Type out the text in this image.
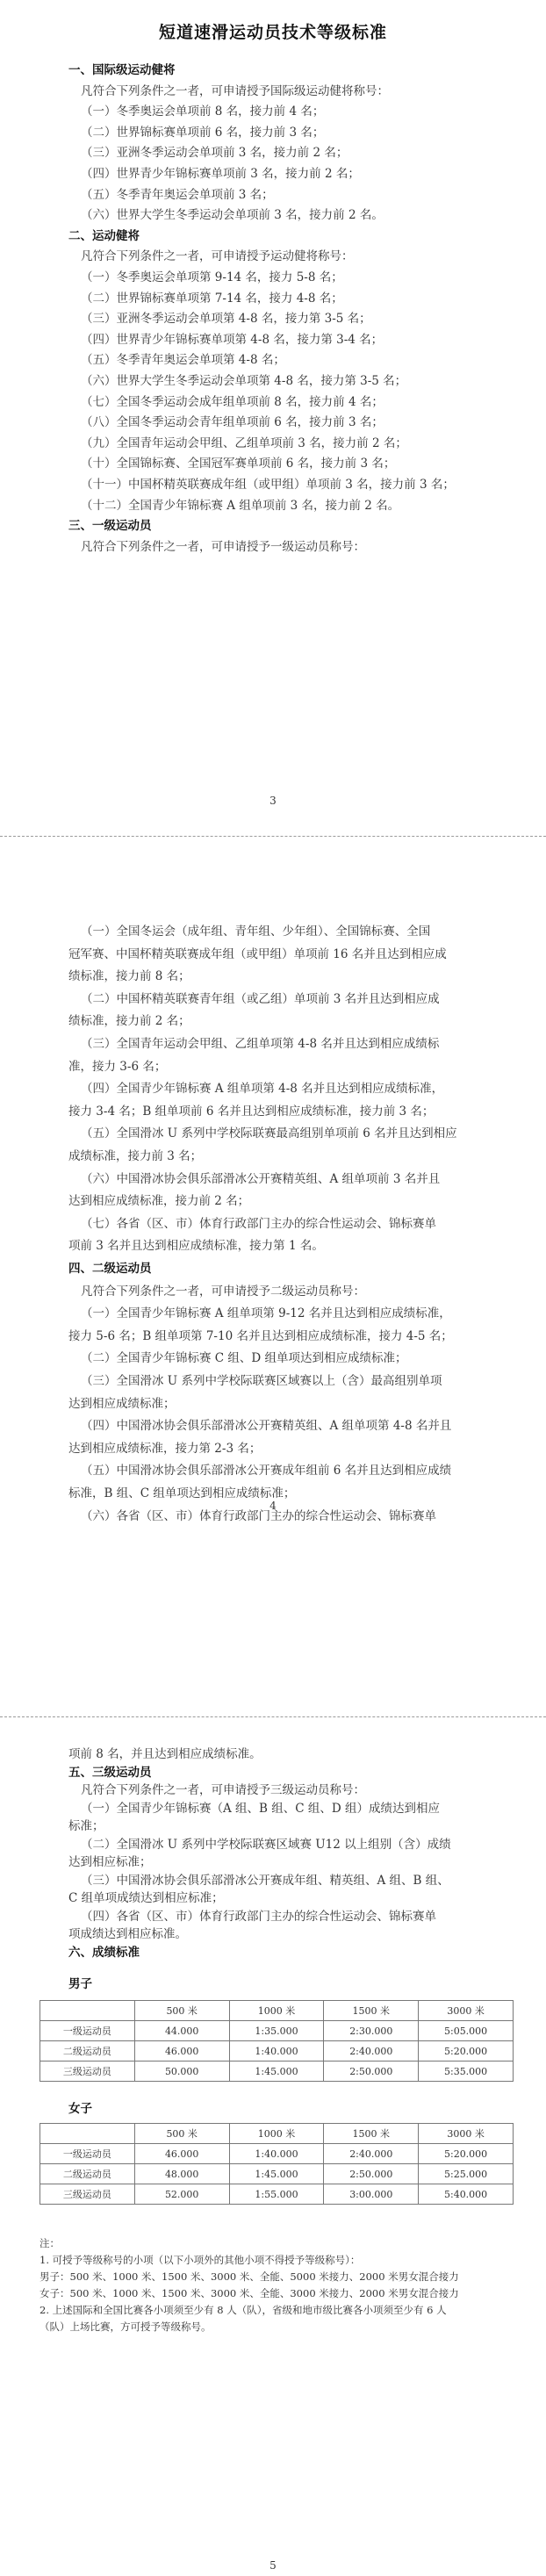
短道速滑运动员技术等级标准
一、国际级运动健将
凡符合下列条件之一者，可申请授予国际级运动健将称号：
（一）冬季奥运会单项前 8 名，接力前 4 名；
（二）世界锦标赛单项前 6 名，接力前 3 名；
（三）亚洲冬季运动会单项前 3 名，接力前 2 名；
（四）世界青少年锦标赛单项前 3 名，接力前 2 名；
（五）冬季青年奥运会单项前 3 名；
（六）世界大学生冬季运动会单项前 3 名，接力前 2 名。
二、运动健将
凡符合下列条件之一者，可申请授予运动健将称号：
（一）冬季奥运会单项第 9-14 名，接力 5-8 名；
（二）世界锦标赛单项第 7-14 名，接力 4-8 名；
（三）亚洲冬季运动会单项第 4-8 名，接力第 3-5 名；
（四）世界青少年锦标赛单项第 4-8 名，接力第 3-4 名；
（五）冬季青年奥运会单项第 4-8 名；
（六）世界大学生冬季运动会单项第 4-8 名，接力第 3-5 名；
（七）全国冬季运动会成年组单项前 8 名，接力前 4 名；
（八）全国冬季运动会青年组单项前 6 名，接力前 3 名；
（九）全国青年运动会甲组、乙组单项前 3 名，接力前 2 名；
（十）全国锦标赛、全国冠军赛单项前 6 名，接力前 3 名；
（十一）中国杯精英联赛成年组（或甲组）单项前 3 名，接力前 3 名；
（十二）全国青少年锦标赛 A 组单项前 3 名，接力前 2 名。
三、一级运动员
凡符合下列条件之一者，可申请授予一级运动员称号：
3
（一）全国冬运会（成年组、青年组、少年组）、全国锦标赛、全国
冠军赛、中国杯精英联赛成年组（或甲组）单项前 16 名并且达到相应成
绩标准，接力前 8 名；
（二）中国杯精英联赛青年组（或乙组）单项前 3 名并且达到相应成
绩标准，接力前 2 名；
（三）全国青年运动会甲组、乙组单项第 4-8 名并且达到相应成绩标
准，接力 3-6 名；
（四）全国青少年锦标赛 A 组单项第 4-8 名并且达到相应成绩标准，
接力 3-4 名；B 组单项前 6 名并且达到相应成绩标准，接力前 3 名；
（五）全国滑冰 U 系列中学校际联赛最高组别单项前 6 名并且达到相应
成绩标准，接力前 3 名；
（六）中国滑冰协会俱乐部滑冰公开赛精英组、A 组单项前 3 名并且
达到相应成绩标准，接力前 2 名；
（七）各省（区、市）体育行政部门主办的综合性运动会、锦标赛单
项前 3 名并且达到相应成绩标准，接力第 1 名。
四、二级运动员
凡符合下列条件之一者，可申请授予二级运动员称号：
（一）全国青少年锦标赛 A 组单项第 9-12 名并且达到相应成绩标准，
接力 5-6 名；B 组单项第 7-10 名并且达到相应成绩标准，接力 4-5 名；
（二）全国青少年锦标赛 C 组、D 组单项达到相应成绩标准；
（三）全国滑冰 U 系列中学校际联赛区域赛以上（含）最高组别单项
达到相应成绩标准；
（四）中国滑冰协会俱乐部滑冰公开赛精英组、A 组单项第 4-8 名并且
达到相应成绩标准，接力第 2-3 名；
（五）中国滑冰协会俱乐部滑冰公开赛成年组前 6 名并且达到相应成绩
标准，B 组、C 组单项达到相应成绩标准；
（六）各省（区、市）体育行政部门主办的综合性运动会、锦标赛单
4
项前 8 名，并且达到相应成绩标准。
五、三级运动员
凡符合下列条件之一者，可申请授予三级运动员称号：
（一）全国青少年锦标赛（A 组、B 组、C 组、D 组）成绩达到相应
标准；
（二）全国滑冰 U 系列中学校际联赛区域赛 U12 以上组别（含）成绩
达到相应标准；
（三）中国滑冰协会俱乐部滑冰公开赛成年组、精英组、A 组、B 组、
C 组单项成绩达到相应标准；
（四）各省（区、市）体育行政部门主办的综合性运动会、锦标赛单
项成绩达到相应标准。
六、成绩标准
男子
	500 米	1000 米	1500 米	3000 米
一级运动员	44.000	1:35.000	2:30.000	5:05.000
二级运动员	46.000	1:40.000	2:40.000	5:20.000
三级运动员	50.000	1:45.000	2:50.000	5:35.000
女子
	500 米	1000 米	1500 米	3000 米
一级运动员	46.000	1:40.000	2:40.000	5:20.000
二级运动员	48.000	1:45.000	2:50.000	5:25.000
三级运动员	52.000	1:55.000	3:00.000	5:40.000
注：
1. 可授予等级称号的小项（以下小项外的其他小项不得授予等级称号）：
男子：500 米、1000 米、1500 米、3000 米、全能、5000 米接力、2000 米男女混合接力
女子：500 米、1000 米、1500 米、3000 米、全能、3000 米接力、2000 米男女混合接力
2. 上述国际和全国比赛各小项须至少有 8 人（队），省级和地市级比赛各小项须至少有 6 人
（队）上场比赛，方可授予等级称号。
5
